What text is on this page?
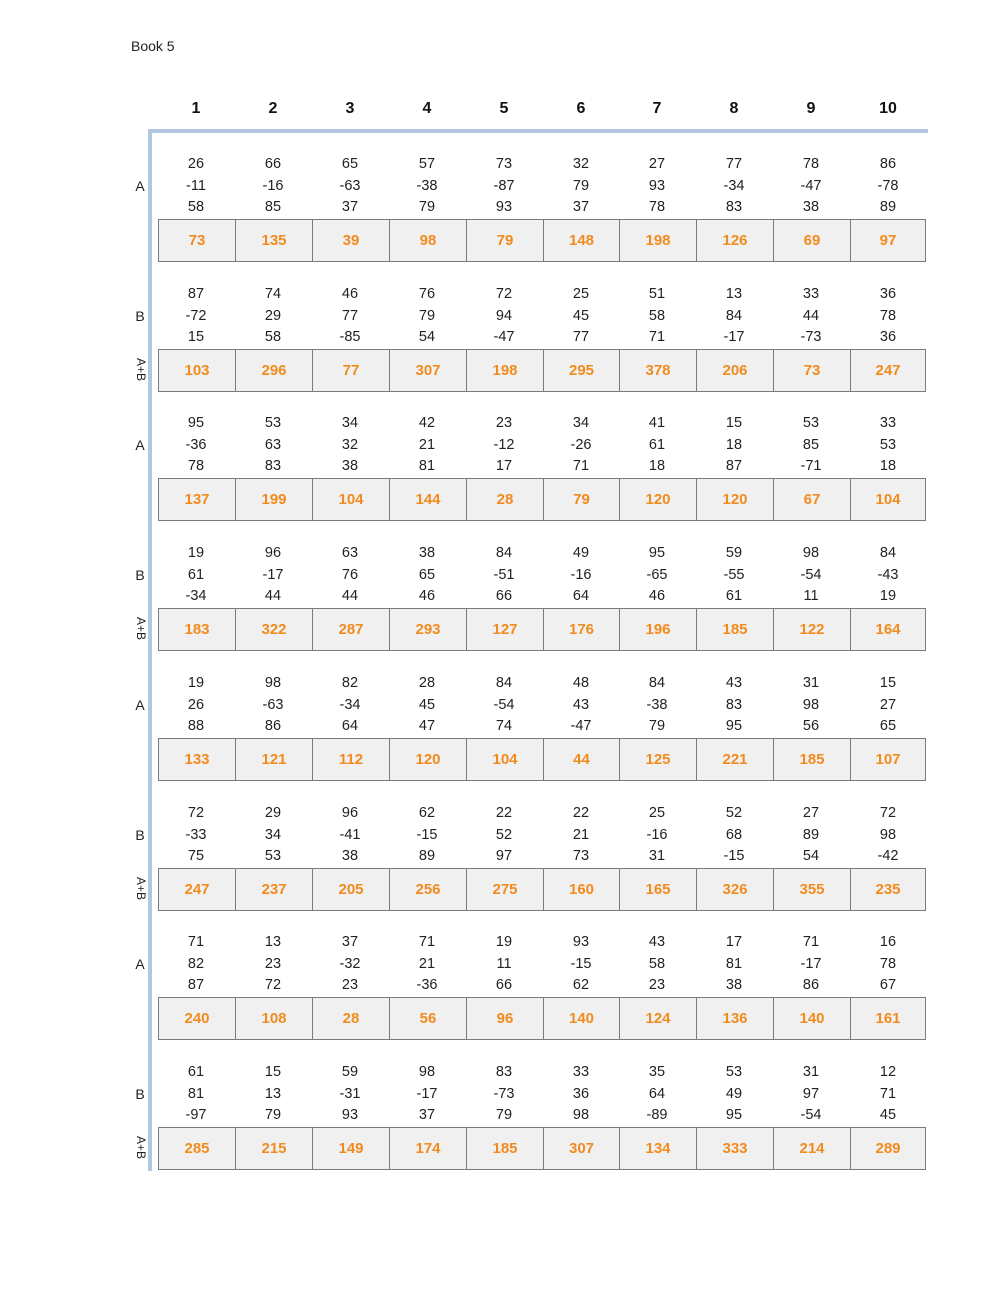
Book 5
1	2	3	4	5	6	7	8	9	10
A
26	66	65	57	73	32	27	77	78	86
-11	-16	-63	-38	-87	79	93	-34	-47	-78
58	85	37	79	93	37	78	83	38	89
73	135	39	98	79	148	198	126	69	97
B
87	74	46	76	72	25	51	13	33	36
-72	29	77	79	94	45	58	84	44	78
15	58	-85	54	-47	77	71	-17	-73	36
103	296	77	307	198	295	378	206	73	247
A+B
A
95	53	34	42	23	34	41	15	53	33
-36	63	32	21	-12	-26	61	18	85	53
78	83	38	81	17	71	18	87	-71	18
137	199	104	144	28	79	120	120	67	104
B
19	96	63	38	84	49	95	59	98	84
61	-17	76	65	-51	-16	-65	-55	-54	-43
-34	44	44	46	66	64	46	61	11	19
183	322	287	293	127	176	196	185	122	164
A+B
A
19	98	82	28	84	48	84	43	31	15
26	-63	-34	45	-54	43	-38	83	98	27
88	86	64	47	74	-47	79	95	56	65
133	121	112	120	104	44	125	221	185	107
B
72	29	96	62	22	22	25	52	27	72
-33	34	-41	-15	52	21	-16	68	89	98
75	53	38	89	97	73	31	-15	54	-42
247	237	205	256	275	160	165	326	355	235
A+B
A
71	13	37	71	19	93	43	17	71	16
82	23	-32	21	11	-15	58	81	-17	78
87	72	23	-36	66	62	23	38	86	67
240	108	28	56	96	140	124	136	140	161
B
61	15	59	98	83	33	35	53	31	12
81	13	-31	-17	-73	36	64	49	97	71
-97	79	93	37	79	98	-89	95	-54	45
285	215	149	174	185	307	134	333	214	289
A+B
